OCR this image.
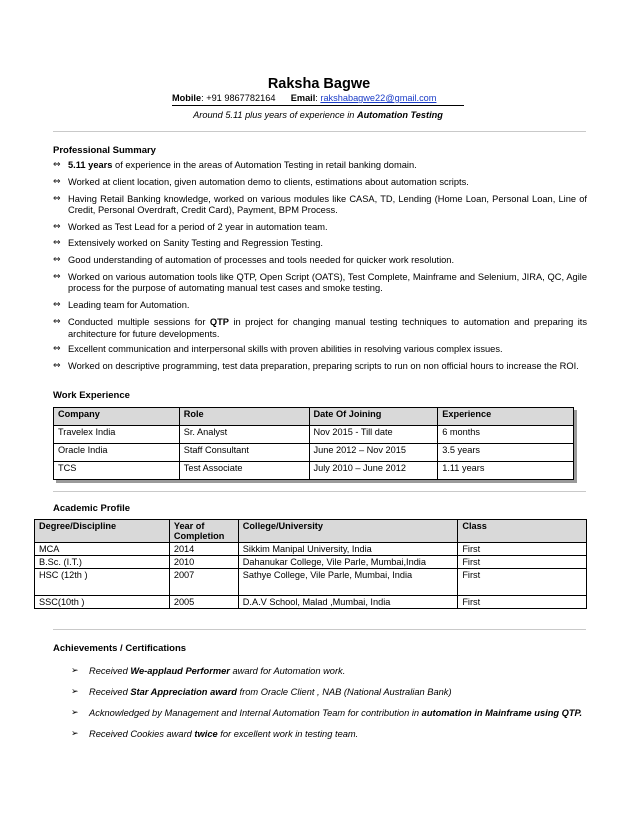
Raksha Bagwe
Mobile: +91 9867782164 Email: rakshabagwe22@gmail.com
Around 5.11 plus years of experience in Automation Testing
Professional Summary
⇔ 5.11 years of experience in the areas of Automation Testing in retail banking domain.
⇔ Worked at client location, given automation demo to clients, estimations about automation scripts.
⇔ Having Retail Banking knowledge, worked on various modules like CASA, TD, Lending (Home Loan, Personal Loan, Line of Credit, Personal Overdraft, Credit Card), Payment, BPM Process.
⇔ Worked as Test Lead for a period of 2 year in automation team.
⇔ Extensively worked on Sanity Testing and Regression Testing.
⇔ Good understanding of automation of processes and tools needed for quicker work resolution.
⇔ Worked on various automation tools like QTP, Open Script (OATS), Test Complete, Mainframe and Selenium, JIRA, QC, Agile process for the purpose of automating manual test cases and smoke testing.
⇔ Leading team for Automation.
⇔ Conducted multiple sessions for QTP in project for changing manual testing techniques to automation and preparing its architecture for future developments.
⇔ Excellent communication and interpersonal skills with proven abilities in resolving various complex issues.
⇔ Worked on descriptive programming, test data preparation, preparing scripts to run on non official hours to increase the ROI.
Work Experience
Company	Role	Date Of Joining	Experience
Travelex India	Sr. Analyst	Nov 2015 - Till date	6 months
Oracle India	Staff Consultant	June 2012 – Nov 2015	3.5 years
TCS	Test Associate	July 2010 – June 2012	1.11 years
Academic Profile
Degree/Discipline	Year of Completion	College/University	Class
MCA	2014	Sikkim Manipal University, India	First
B.Sc. (I.T.)	2010	Dahanukar College, Vile Parle, Mumbai,India	First
HSC (12th )	2007	Sathye College, Vile Parle, Mumbai, India	First
SSC(10th )	2005	D.A.V School, Malad ,Mumbai, India	First
Achievements / Certifications
➢ Received We-applaud Performer award for Automation work.
➢ Received Star Appreciation award from Oracle Client , NAB (National Australian Bank)
➢ Acknowledged by Management and Internal Automation Team for contribution in automation in Mainframe using QTP.
➢ Received Cookies award twice for excellent work in testing team.
